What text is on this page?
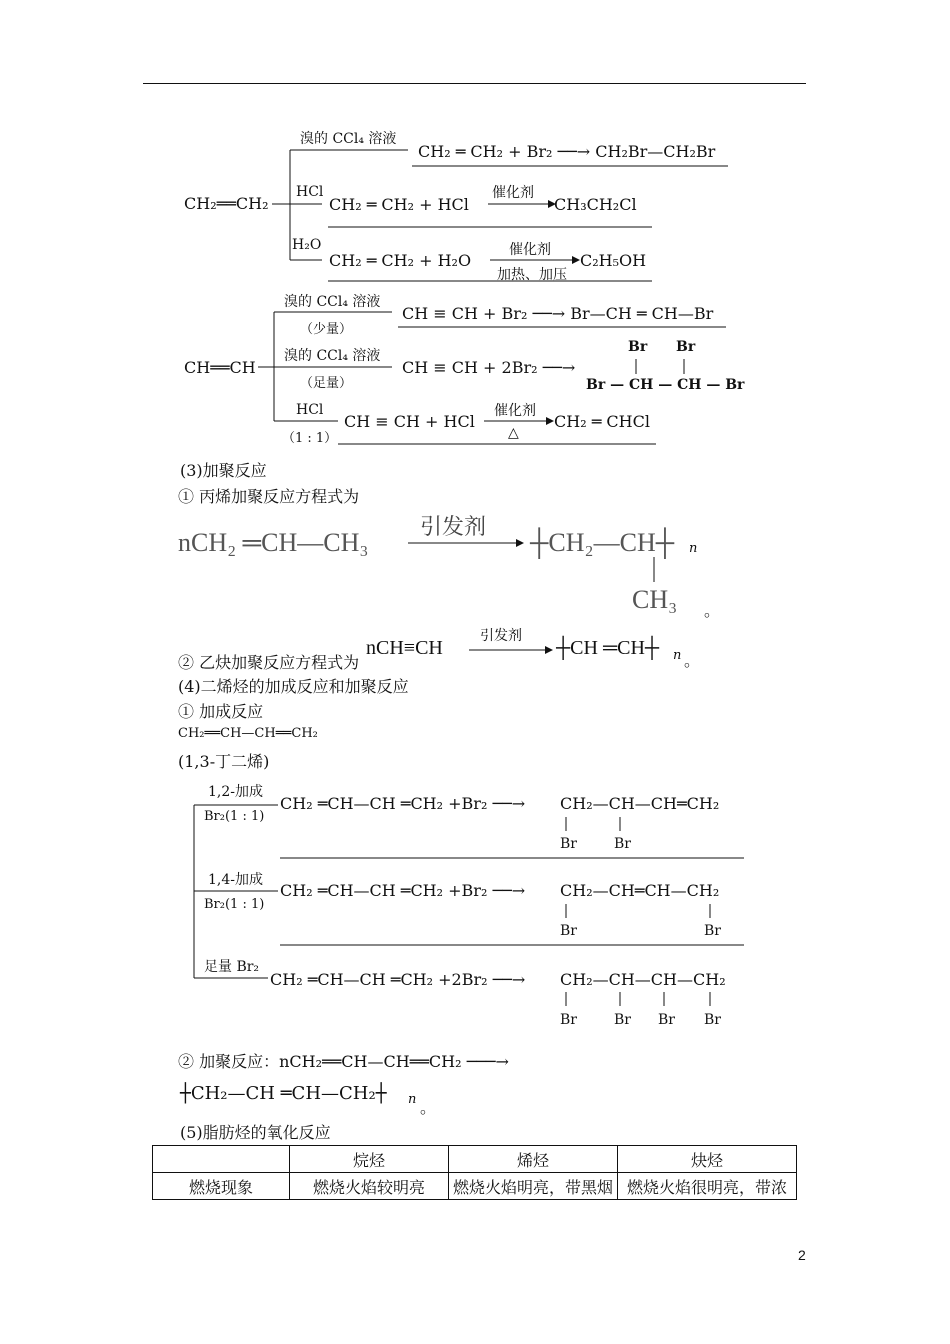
CH₂══CH₂
溴的 CCl₄ 溶液
CH₂ ═ CH₂ + Br₂ ──→ CH₂Br—CH₂Br
HCl
CH₂ ═ CH₂ + HCl
催化剂
CH₃CH₂Cl
H₂O
CH₂ ═ CH₂ + H₂O
催化剂
加热、加压
C₂H₅OH
CH══CH
溴的 CCl₄ 溶液
（少量）
CH ≡ CH + Br₂ ──→ Br—CH ═ CH—Br
溴的 CCl₄ 溶液
（足量）
CH ≡ CH + 2Br₂ ──→
Br Br
Br — CH — CH — Br
HCl
（1 : 1）
CH ≡ CH + HCl
催化剂
△
CH₂ ═ CHCl
(3)加聚反应
① 丙烯加聚反应方程式为
nCH₂ ═CH—CH₃
引发剂
┼CH₂—CH┼ n
CH₃ 。
② 乙炔加聚反应方程式为
nCH≡CH
引发剂
┼CH ═CH┼ n 。
(4)二烯烃的加成反应和加聚反应
① 加成反应
CH₂══CH—CH══CH₂
(1,3-丁二烯)
1,2-加成
Br₂(1 : 1)
CH₂ ═CH—CH ═CH₂ +Br₂ ──→ CH₂—CH—CH═CH₂
Br	Br
1,4-加成
Br₂(1 : 1)
CH₂ ═CH—CH ═CH₂ +Br₂ ──→ CH₂—CH═CH—CH₂
Br	Br
足量 Br₂
CH₂ ═CH—CH ═CH₂ +2Br₂ ──→ CH₂—CH—CH—CH₂
Br	Br Br Br
② 加聚反应：nCH₂══CH—CH══CH₂ ───→
┼CH₂—CH ═CH—CH₂┼ n 。
(5)脂肪烃的氧化反应
	烷烃	烯烃	炔烃
燃烧现象	燃烧火焰较明亮	燃烧火焰明亮，带黑烟	燃烧火焰很明亮，带浓
2
